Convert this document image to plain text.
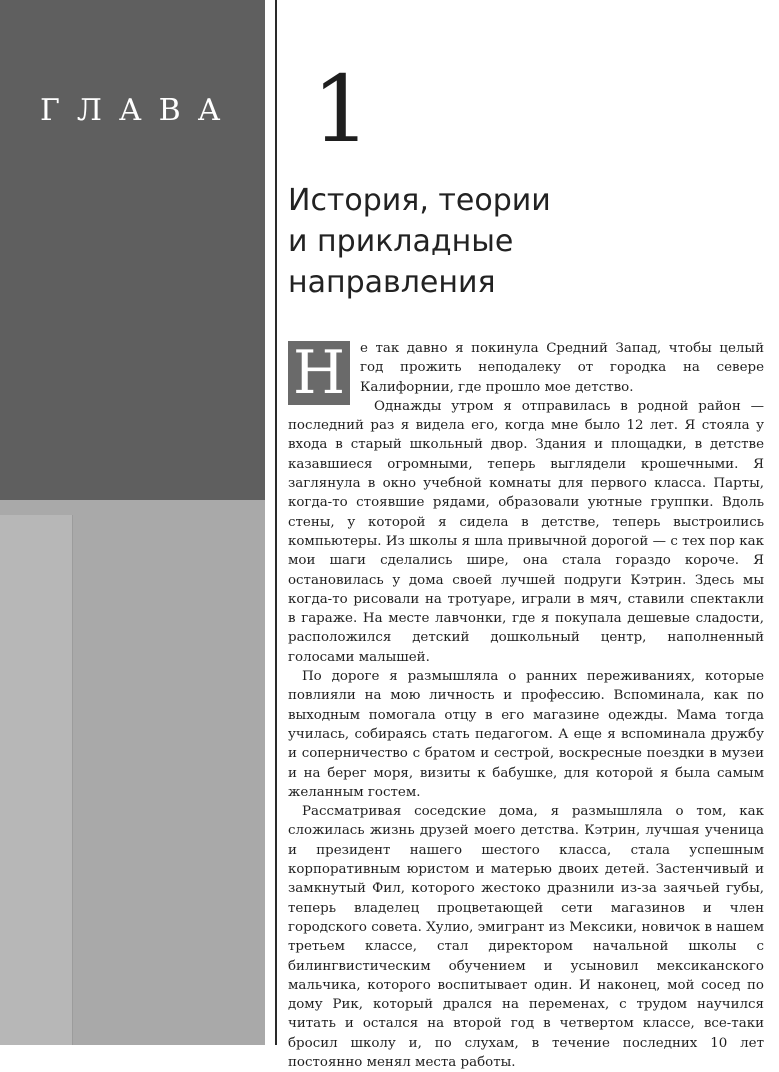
ГЛАВА 1
История, теории
и прикладные
направления
Н	е так давно я покинула Средний Запад, чтобы целый год прожить неподалеку от городка на севере Калифорнии, где прошло мое детство.

Однажды утром я отправилась в родной район — последний раз я видела его, когда мне было 12 лет. Я стояла у входа в старый школьный двор. Здания и площадки, в детстве казавшиеся огромными, теперь выглядели крошечными. Я заглянула в окно учебной комнаты для первого класса. Парты, когда-то стоявшие рядами, образовали уютные группки. Вдоль стены, у которой я сидела в детстве, теперь выстроились компьютеры. Из школы я шла привычной дорогой — с тех пор как мои шаги сделались шире, она стала гораздо короче. Я остановилась у дома своей лучшей подруги Кэтрин. Здесь мы когда-то рисовали на тротуаре, играли в мяч, ставили спектакли в гараже. На месте лавчонки, где я покупала дешевые сладости, расположился детский дошкольный центр, наполненный голосами малышей.

По дороге я размышляла о ранних переживаниях, которые повлияли на мою личность и профессию. Вспоминала, как по выходным помогала отцу в его магазине одежды. Мама тогда училась, собираясь стать педагогом. А еще я вспоминала дружбу и соперничество с братом и сестрой, воскресные поездки в музеи и на берег моря, визиты к бабушке, для которой я была самым желанным гостем.

Рассматривая соседские дома, я размышляла о том, как сложилась жизнь друзей моего детства. Кэтрин, лучшая ученица и президент нашего шестого класса, стала успешным корпоративным юристом и матерью двоих детей. Застенчивый и замкнутый Фил, которого жестоко дразнили из-за заячьей губы, теперь владелец процветающей сети магазинов и член городского совета. Хулио, эмигрант из Мексики, новичок в нашем третьем классе, стал директором начальной школы с билингвистическим обучением и усыновил мексиканского мальчика, которого воспитывает один. И наконец, мой сосед по дому Рик, который дрался на переменах, с трудом научился читать и остался на второй год в четвертом классе, все-таки бросил школу и, по слухам, в течение последних 10 лет постоянно менял места работы.
